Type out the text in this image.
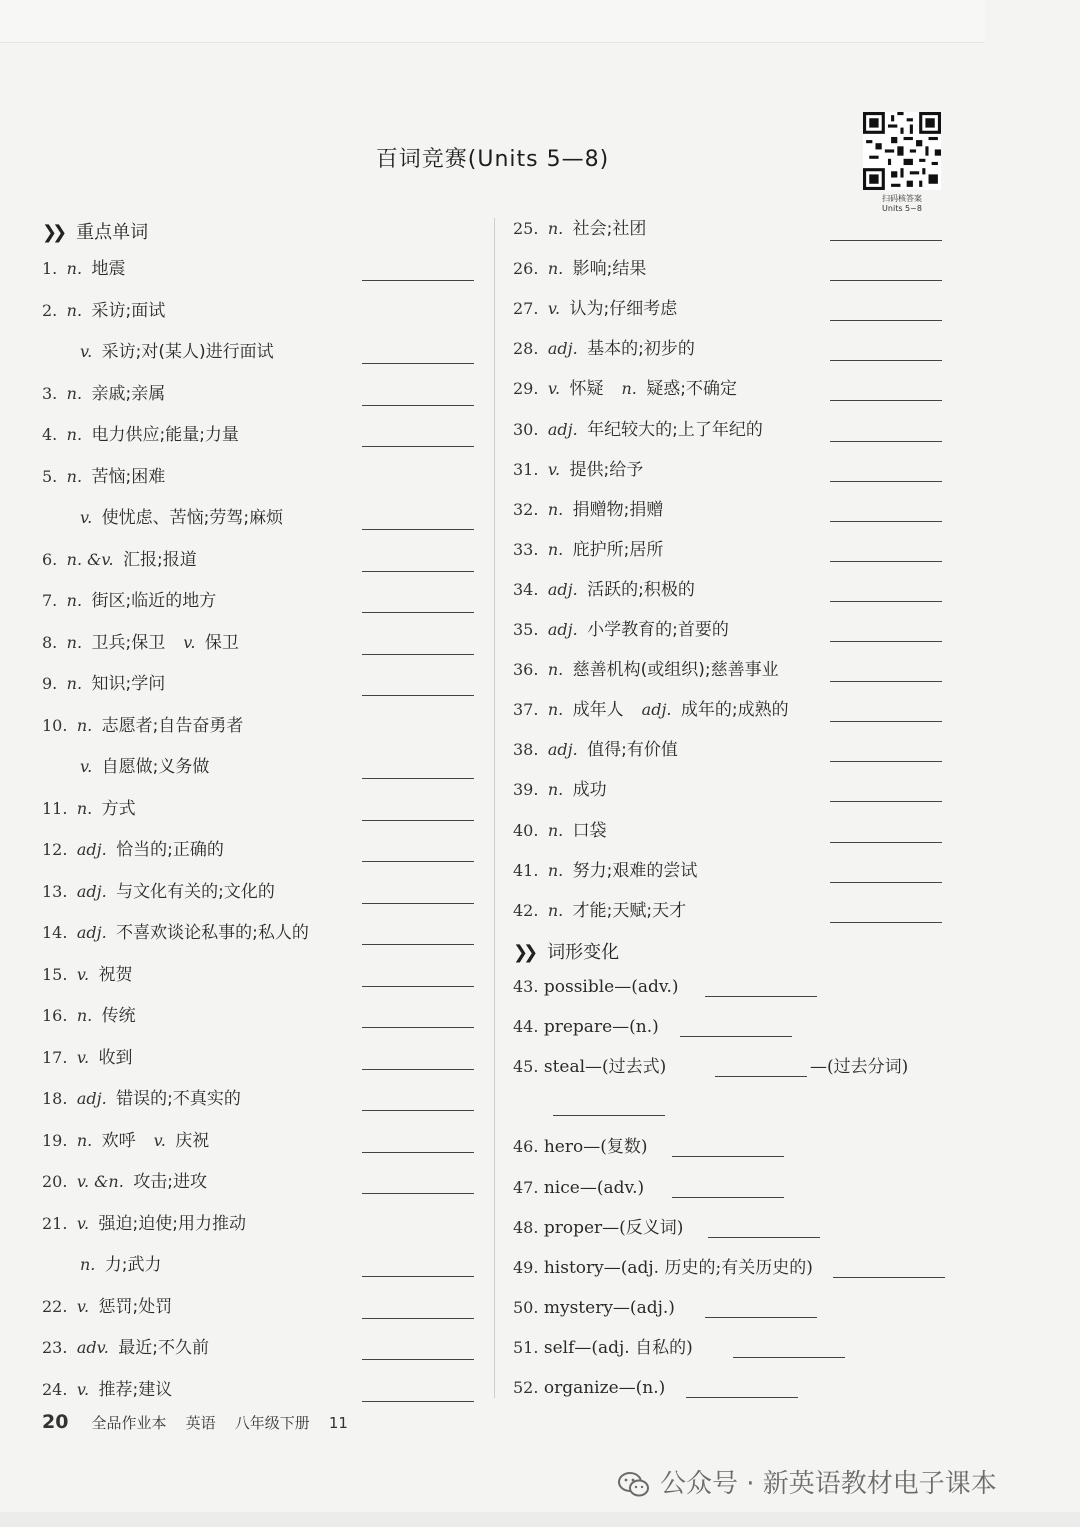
百词竞赛(Units 5—8)
扫码核答案
Units 5~8
❯❯ 重点单词
1. n. 地震
2. n. 采访;面试
v. 采访;对(某人)进行面试
3. n. 亲戚;亲属
4. n. 电力供应;能量;力量
5. n. 苦恼;困难
v. 使忧虑、苦恼;劳驾;麻烦
6. n. &v. 汇报;报道
7. n. 街区;临近的地方
8. n. 卫兵;保卫 v. 保卫
9. n. 知识;学问
10. n. 志愿者;自告奋勇者
v. 自愿做;义务做
11. n. 方式
12. adj. 恰当的;正确的
13. adj. 与文化有关的;文化的
14. adj. 不喜欢谈论私事的;私人的
15. v. 祝贺
16. n. 传统
17. v. 收到
18. adj. 错误的;不真实的
19. n. 欢呼 v. 庆祝
20. v. &n. 攻击;进攻
21. v. 强迫;迫使;用力推动
n. 力;武力
22. v. 惩罚;处罚
23. adv. 最近;不久前
24. v. 推荐;建议
25. n. 社会;社团
26. n. 影响;结果
27. v. 认为;仔细考虑
28. adj. 基本的;初步的
29. v. 怀疑 n. 疑惑;不确定
30. adj. 年纪较大的;上了年纪的
31. v. 提供;给予
32. n. 捐赠物;捐赠
33. n. 庇护所;居所
34. adj. 活跃的;积极的
35. adj. 小学教育的;首要的
36. n. 慈善机构(或组织);慈善事业
37. n. 成年人 adj. 成年的;成熟的
38. adj. 值得;有价值
39. n. 成功
40. n. 口袋
41. n. 努力;艰难的尝试
42. n. 才能;天赋;天才
❯❯ 词形变化
43. possible—(adv.)
44. prepare—(n.)
45. steal—(过去式)	—(过去分词)
46. hero—(复数)
47. nice—(adv.)
48. proper—(反义词)
49. history—(adj. 历史的;有关历史的)
50. mystery—(adj.)
51. self—(adj. 自私的)
52. organize—(n.)
20 全品作业本 英语 八年级下册 11
公众号 · 新英语教材电子课本
